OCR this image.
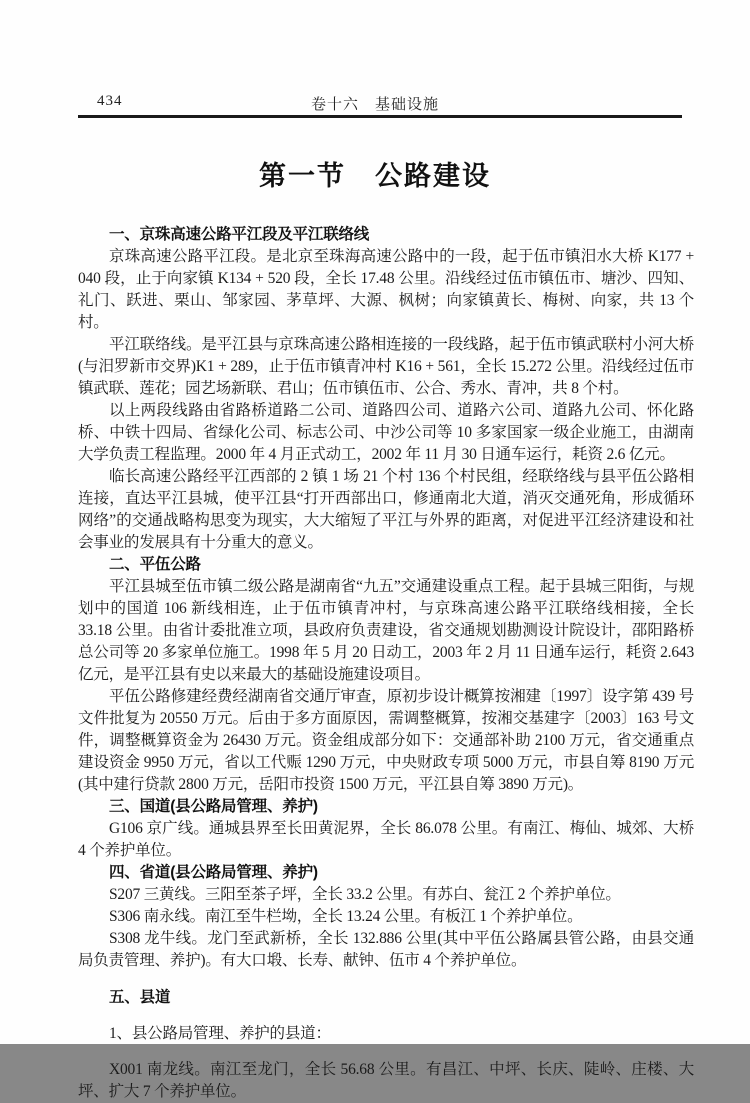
434	卷十六　基础设施
第一节　公路建设

一、京珠高速公路平江段及平江联络线

京珠高速公路平江段。是北京至珠海高速公路中的一段，起于伍市镇汨水大桥 K177 + 040 段，止于向家镇 K134 + 520 段，全长 17.48 公里。沿线经过伍市镇伍市、塘沙、四知、礼门、跃进、栗山、邹家园、茅草坪、大源、枫树；向家镇黄长、梅树、向家，共 13 个村。

平江联络线。是平江县与京珠高速公路相连接的一段线路，起于伍市镇武联村小河大桥(与汨罗新市交界)K1 + 289，止于伍市镇青冲村 K16 + 561，全长 15.272 公里。沿线经过伍市镇武联、莲花；园艺场新联、君山；伍市镇伍市、公合、秀水、青冲，共 8 个村。

以上两段线路由省路桥道路二公司、道路四公司、道路六公司、道路九公司、怀化路桥、中铁十四局、省绿化公司、标志公司、中沙公司等 10 多家国家一级企业施工，由湖南大学负责工程监理。2000 年 4 月正式动工，2002 年 11 月 30 日通车运行，耗资 2.6 亿元。

临长高速公路经平江西部的 2 镇 1 场 21 个村 136 个村民组，经联络线与县平伍公路相连接，直达平江县城，使平江县“打开西部出口，修通南北大道，消灭交通死角，形成循环网络”的交通战略构思变为现实，大大缩短了平江与外界的距离，对促进平江经济建设和社会事业的发展具有十分重大的意义。

二、平伍公路

平江县城至伍市镇二级公路是湖南省“九五”交通建设重点工程。起于县城三阳街，与规划中的国道 106 新线相连，止于伍市镇青冲村，与京珠高速公路平江联络线相接，全长 33.18 公里。由省计委批准立项，县政府负责建设，省交通规划勘测设计院设计，邵阳路桥总公司等 20 多家单位施工。1998 年 5 月 20 日动工，2003 年 2 月 11 日通车运行，耗资 2.643 亿元，是平江县有史以来最大的基础设施建设项目。

平伍公路修建经费经湖南省交通厅审查，原初步设计概算按湘建〔1997〕设字第 439 号文件批复为 20550 万元。后由于多方面原因，需调整概算，按湘交基建字〔2003〕163 号文件，调整概算资金为 26430 万元。资金组成部分如下：交通部补助 2100 万元，省交通重点建设资金 9950 万元，省以工代赈 1290 万元，中央财政专项 5000 万元，市县自筹 8190 万元(其中建行贷款 2800 万元，岳阳市投资 1500 万元，平江县自筹 3890 万元)。

三、国道(县公路局管理、养护)

G106 京广线。通城县界至长田黄泥界，全长 86.078 公里。有南江、梅仙、城郊、大桥 4 个养护单位。

四、省道(县公路局管理、养护)

S207 三黄线。三阳至茶子坪，全长 33.2 公里。有苏白、瓮江 2 个养护单位。

S306 南永线。南江至牛栏坳，全长 13.24 公里。有板江 1 个养护单位。

S308 龙牛线。龙门至武新桥，全长 132.886 公里(其中平伍公路属县管公路，由县交通局负责管理、养护)。有大口塅、长寿、献钟、伍市 4 个养护单位。

五、县道

1、县公路局管理、养护的县道：

X001 南龙线。南江至龙门，全长 56.68 公里。有昌江、中坪、长庆、陡岭、庄楼、大坪、扩大 7 个养护单位。
